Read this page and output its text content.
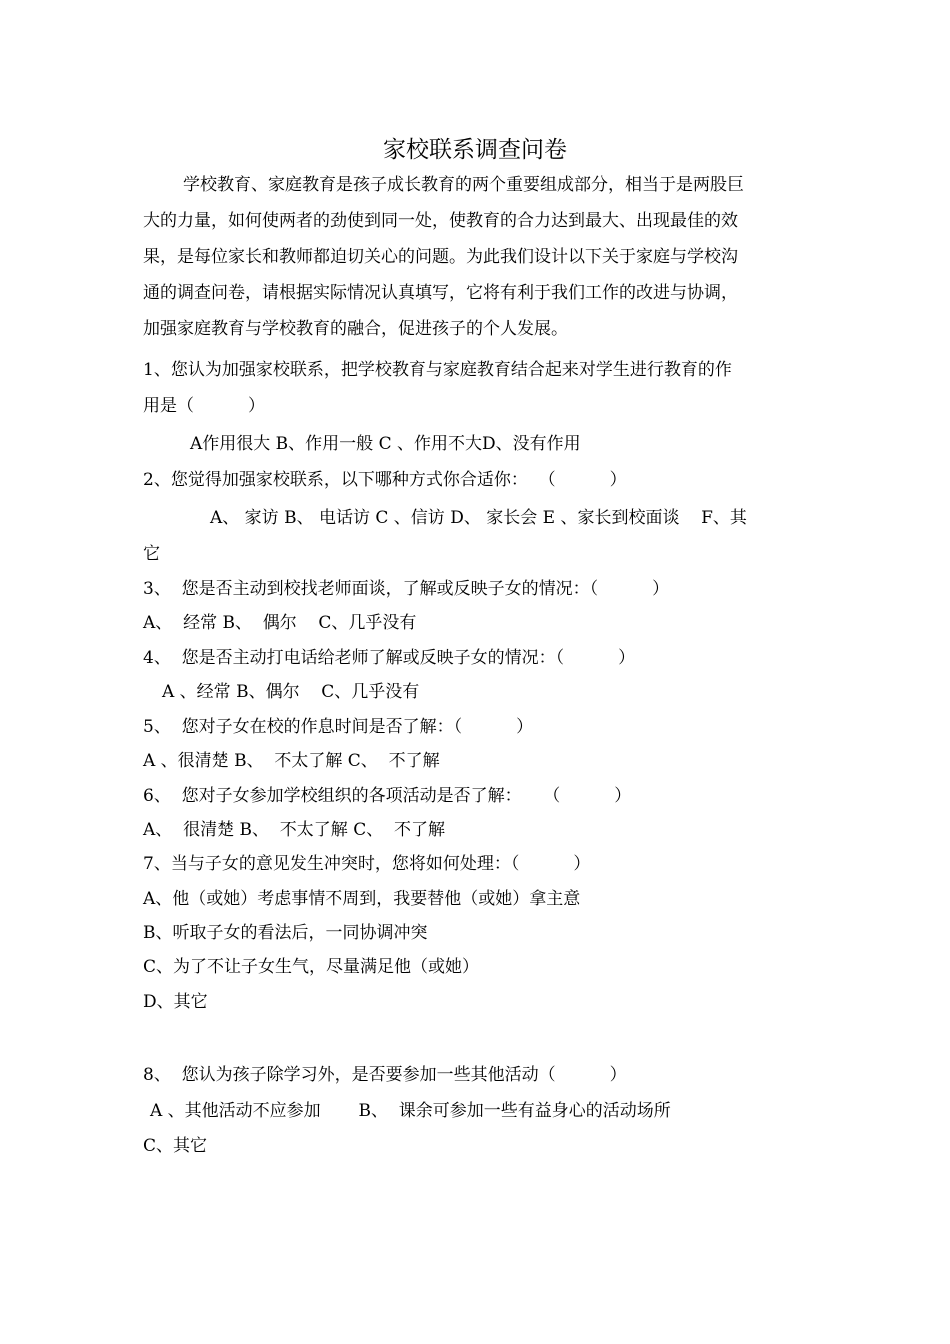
家校联系调查问卷
学校教育、家庭教育是孩子成长教育的两个重要组成部分，相当于是两股巨
大的力量，如何使两者的劲使到同一处，使教育的合力达到最大、出现最佳的效
果，是每位家长和教师都迫切关心的问题。为此我们设计以下关于家庭与学校沟
通的调查问卷，请根据实际情况认真填写，它将有利于我们工作的改进与协调，
加强家庭教育与学校教育的融合，促进孩子的个人发展。
1、您认为加强家校联系，把学校教育与家庭教育结合起来对学生进行教育的作
用是（          ）
A作用很大 B、作用一般 C 、作用不大D、没有作用
2、您觉得加强家校联系，以下哪种方式你合适你：  （          ）
A、 家访 B、 电话访 C 、信访 D、 家长会 E 、家长到校面谈    F、其
它
3、  您是否主动到校找老师面谈，了解或反映子女的情况：（          ）
A、  经常 B、  偶尔    C、几乎没有
4、  您是否主动打电话给老师了解或反映子女的情况：（          ）
A 、经常 B、偶尔    C、几乎没有
5、  您对子女在校的作息时间是否了解：（          ）
A 、很清楚 B、  不太了解 C、  不了解
6、  您对子女参加学校组织的各项活动是否了解：    （          ）
A、  很清楚 B、  不太了解 C、  不了解
7、当与子女的意见发生冲突时，您将如何处理：（          ）
A、他（或她）考虑事情不周到，我要替他（或她）拿主意
B、听取子女的看法后，一同协调冲突
C、为了不让子女生气，尽量满足他（或她）
D、其它
8、  您认为孩子除学习外，是否要参加一些其他活动（          ）
A 、其他活动不应参加       B、  课余可参加一些有益身心的活动场所
C、其它
